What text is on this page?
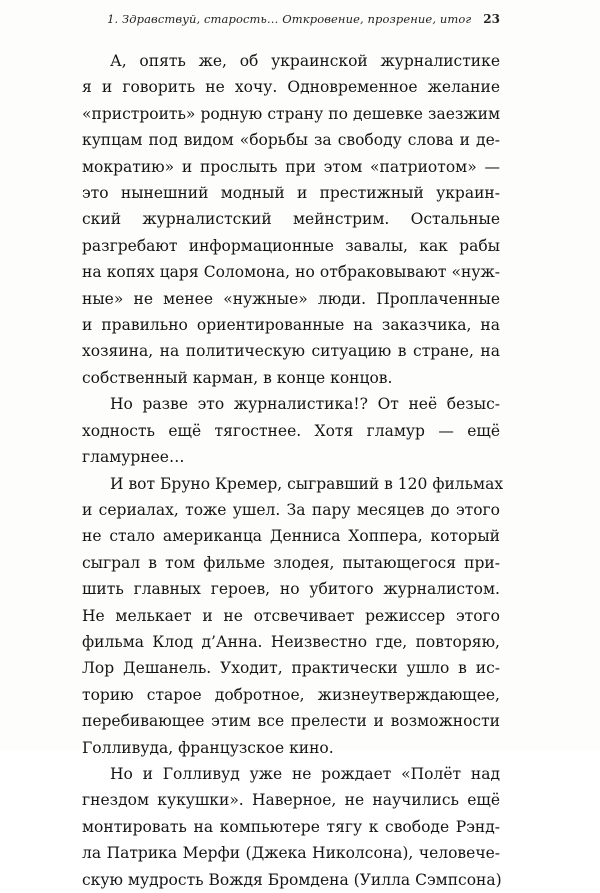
1. Здравствуй, старость… Откровение, прозрение, итог 23
А, опять же, об украинской журналистике
я и говорить не хочу. Одновременное желание
«пристроить» родную страну по дешевке заезжим
купцам под видом «борьбы за свободу слова и де-
мократию» и прослыть при этом «патриотом» —
это нынешний модный и престижный украин-
ский журналистский мейнстрим. Остальные
разгребают информационные завалы, как рабы
на копях царя Соломона, но отбраковывают «нуж-
ные» не менее «нужные» люди. Проплаченные
и правильно ориентированные на заказчика, на
хозяина, на политическую ситуацию в стране, на
собственный карман, в конце концов.
Но разве это журналистика!? От неё безыс-
ходность ещё тягостнее. Хотя гламур — ещё
гламурнее…
И вот Бруно Кремер, сыгравший в 120 фильмах
и сериалах, тоже ушел. За пару месяцев до этого
не стало американца Денниса Хоппера, который
сыграл в том фильме злодея, пытающегося при-
шить главных героев, но убитого журналистом.
Не мелькает и не отсвечивает режиссер этого
фильма Клод д’Анна. Неизвестно где, повторяю,
Лор Дешанель. Уходит, практически ушло в ис-
торию старое добротное, жизнеутверждающее,
перебивающее этим все прелести и возможности
Голливуда, французское кино.
Но и Голливуд уже не рождает «Полёт над
гнездом кукушки». Наверное, не научились ещё
монтировать на компьютере тягу к свободе Рэнд-
ла Патрика Мерфи (Джека Николсона), человече-
скую мудрость Вождя Бромдена (Уилла Сэмпсона)
